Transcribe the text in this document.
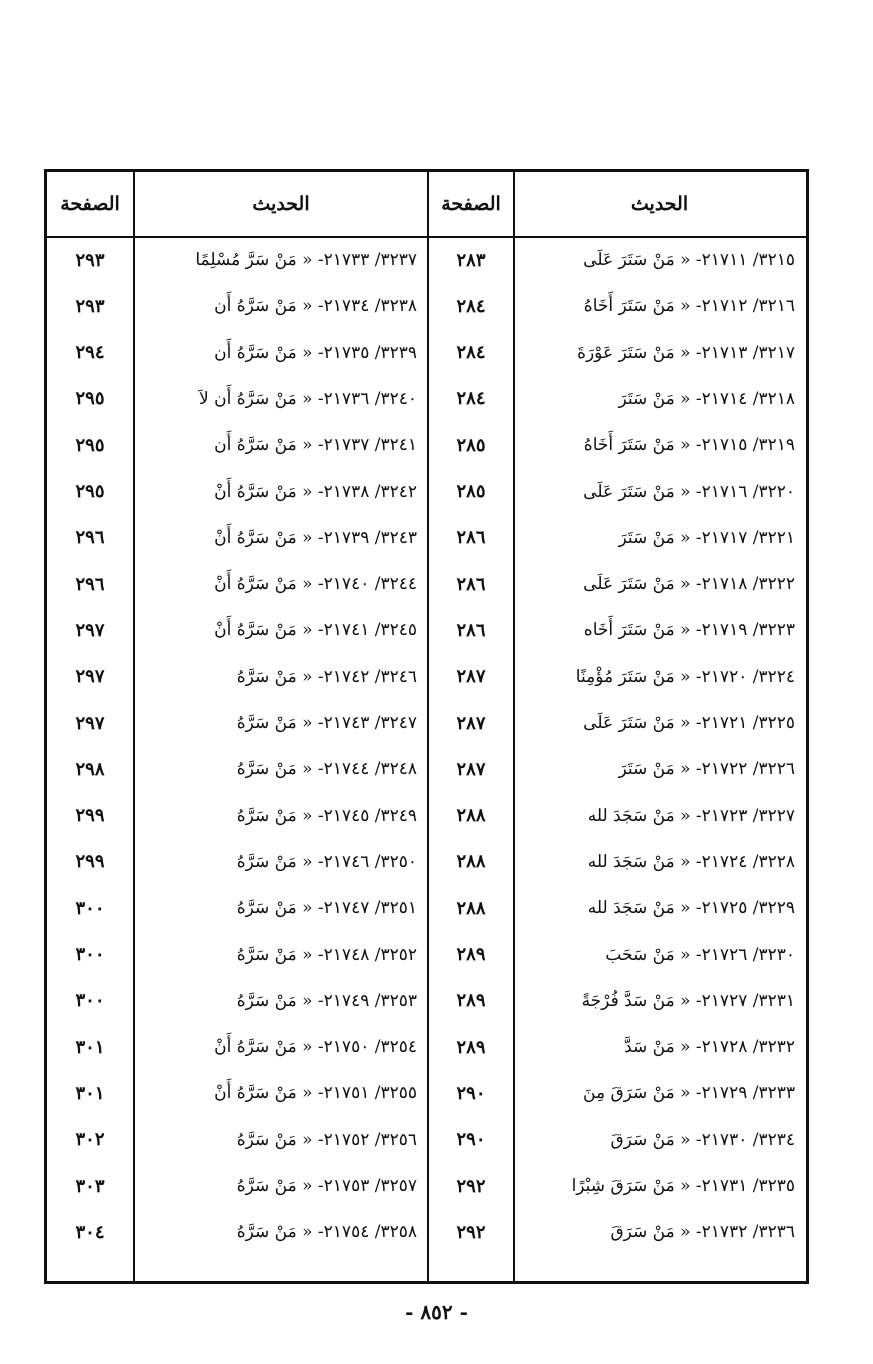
الحديث
الصفحة
الحديث
الصفحة
٣٢١٥/ ٢١٧١١- « مَنْ سَتَرَ عَلَى
٢٨٣
٣٢١٦/ ٢١٧١٢- « مَنْ سَتَرَ أَخَاهُ
٢٨٤
٣٢١٧/ ٢١٧١٣- « مَنْ سَتَرَ عَوْرَةَ
٢٨٤
٣٢١٨/ ٢١٧١٤- « مَنْ سَتَرَ
٢٨٤
٣٢١٩/ ٢١٧١٥- « مَنْ سَتَرَ أَخَاهُ
٢٨٥
٣٢٢٠/ ٢١٧١٦- « مَنْ سَتَرَ عَلَى
٢٨٥
٣٢٢١/ ٢١٧١٧- « مَنْ سَتَرَ
٢٨٦
٣٢٢٢/ ٢١٧١٨- « مَنْ سَتَرَ عَلَى
٢٨٦
٣٢٢٣/ ٢١٧١٩- « مَنْ سَتَرَ أَخَاه
٢٨٦
٣٢٢٤/ ٢١٧٢٠- « مَنْ سَتَرَ مُؤْمِنًا
٢٨٧
٣٢٢٥/ ٢١٧٢١- « مَنْ سَتَرَ عَلَى
٢٨٧
٣٢٢٦/ ٢١٧٢٢- « مَنْ سَتَرَ
٢٨٧
٣٢٢٧/ ٢١٧٢٣- « مَنْ سَجَدَ لله
٢٨٨
٣٢٢٨/ ٢١٧٢٤- « مَنْ سَجَدَ لله
٢٨٨
٣٢٢٩/ ٢١٧٢٥- « مَنْ سَجَدَ لله
٢٨٨
٣٢٣٠/ ٢١٧٢٦- « مَنْ سَحَبَ
٢٨٩
٣٢٣١/ ٢١٧٢٧- « مَنْ سَدَّ فُرْجَةً
٢٨٩
٣٢٣٢/ ٢١٧٢٨- « مَنْ سَدَّ
٢٨٩
٣٢٣٣/ ٢١٧٢٩- « مَنْ سَرَقَ مِنَ
٢٩٠
٣٢٣٤/ ٢١٧٣٠- « مَنْ سَرَقَ
٢٩٠
٣٢٣٥/ ٢١٧٣١- « مَنْ سَرَقَ شِبْرًا
٢٩٢
٣٢٣٦/ ٢١٧٣٢- « مَنْ سَرَقَ
٢٩٢
٣٢٣٧/ ٢١٧٣٣- « مَنْ سَرَّ مُسْلِمًا
٢٩٣
٣٢٣٨/ ٢١٧٣٤- « مَنْ سَرَّهُ أَن
٢٩٣
٣٢٣٩/ ٢١٧٣٥- « مَنْ سَرَّهُ أَن
٢٩٤
٣٢٤٠/ ٢١٧٣٦- « مَنْ سَرَّهُ أَن لاَ
٢٩٥
٣٢٤١/ ٢١٧٣٧- « مَنْ سَرَّهُ أَن
٢٩٥
٣٢٤٢/ ٢١٧٣٨- « مَنْ سَرَّهُ أَنْ
٢٩٥
٣٢٤٣/ ٢١٧٣٩- « مَنْ سَرَّهُ أَنْ
٢٩٦
٣٢٤٤/ ٢١٧٤٠- « مَنْ سَرَّهُ أَنْ
٢٩٦
٣٢٤٥/ ٢١٧٤١- « مَنْ سَرَّهُ أَنْ
٢٩٧
٣٢٤٦/ ٢١٧٤٢- « مَنْ سَرَّهُ
٢٩٧
٣٢٤٧/ ٢١٧٤٣- « مَنْ سَرَّهُ
٢٩٧
٣٢٤٨/ ٢١٧٤٤- « مَنْ سَرَّهُ
٢٩٨
٣٢٤٩/ ٢١٧٤٥- « مَنْ سَرَّهُ
٢٩٩
٣٢٥٠/ ٢١٧٤٦- « مَنْ سَرَّهُ
٢٩٩
٣٢٥١/ ٢١٧٤٧- « مَنْ سَرَّهُ
٣٠٠
٣٢٥٢/ ٢١٧٤٨- « مَنْ سَرَّهُ
٣٠٠
٣٢٥٣/ ٢١٧٤٩- « مَنْ سَرَّهُ
٣٠٠
٣٢٥٤/ ٢١٧٥٠- « مَنْ سَرَّهُ أَنْ
٣٠١
٣٢٥٥/ ٢١٧٥١- « مَنْ سَرَّهُ أَنْ
٣٠١
٣٢٥٦/ ٢١٧٥٢- « مَنْ سَرَّهُ
٣٠٢
٣٢٥٧/ ٢١٧٥٣- « مَنْ سَرَّهُ
٣٠٣
٣٢٥٨/ ٢١٧٥٤- « مَنْ سَرَّهُ
٣٠٤
- ٨٥٢ -
